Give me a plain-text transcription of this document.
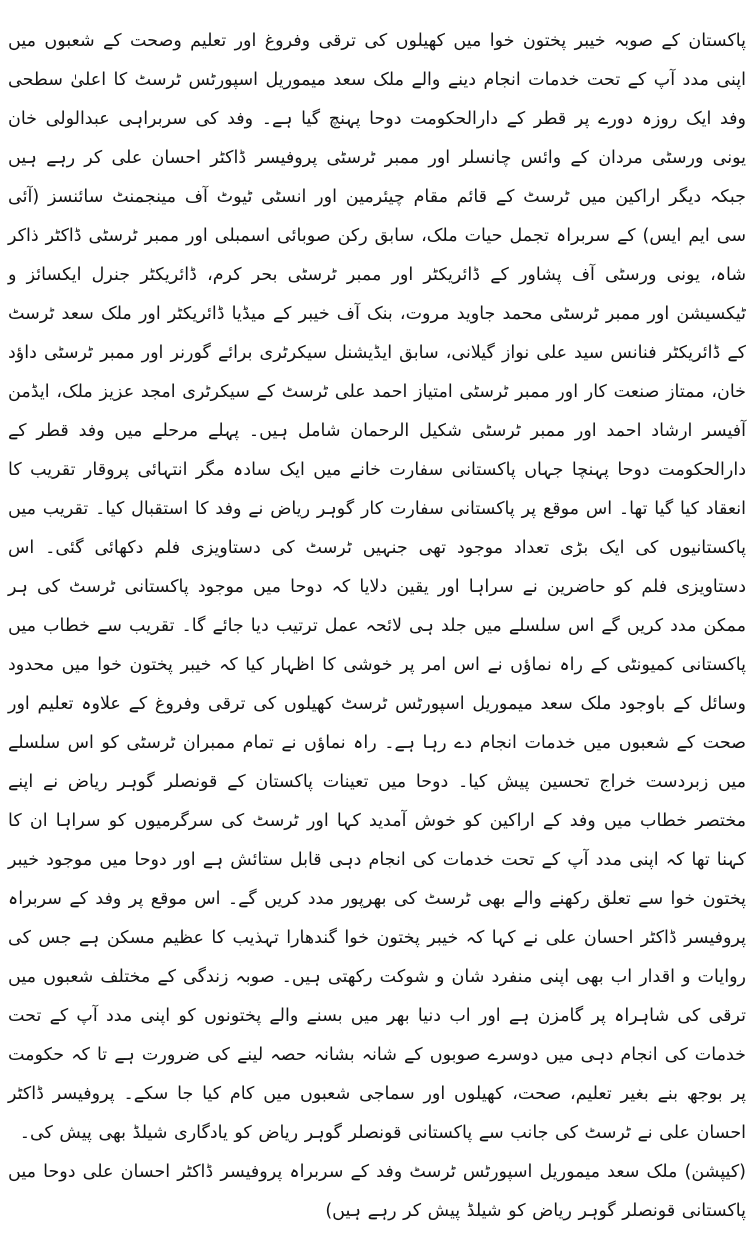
پاکستان کے صوبہ خیبر پختون خوا میں کھیلوں کی ترقی وفروغ اور تعلیم وصحت کے شعبوں میں اپنی مدد آپ کے تحت خدمات انجام دینے والے ملک سعد میموریل اسپورٹس ٹرسٹ کا اعلیٰ سطحی وفد ایک روزہ دورے پر قطر کے دارالحکومت دوحا پہنچ گیا ہے۔ وفد کی سربراہی عبدالولی خان یونی ورسٹی مردان کے وائس چانسلر اور ممبر ٹرسٹی پروفیسر ڈاکٹر احسان علی کر رہے ہیں جبکہ دیگر اراکین میں ٹرسٹ کے قائم مقام چیئرمین اور انسٹی ٹیوٹ آف مینجمنٹ سائنسز (آئی سی ایم ایس) کے سربراہ تجمل حیات ملک، سابق رکن صوبائی اسمبلی اور ممبر ٹرسٹی ڈاکٹر ذاکر شاہ، یونی ورسٹی آف پشاور کے ڈائریکٹر اور ممبر ٹرسٹی بحر کرم، ڈائریکٹر جنرل ایکسائز و ٹیکسیشن اور ممبر ٹرسٹی محمد جاوید مروت، بنک آف خیبر کے میڈیا ڈائریکٹر اور ملک سعد ٹرسٹ کے ڈائریکٹر فنانس سید علی نواز گیلانی، سابق ایڈیشنل سیکرٹری برائے گورنر اور ممبر ٹرسٹی داؤد خان، ممتاز صنعت کار اور ممبر ٹرسٹی امتیاز احمد علی ٹرسٹ کے سیکرٹری امجد عزیز ملک، ایڈمن آفیسر ارشاد احمد اور ممبر ٹرسٹی شکیل الرحمان شامل ہیں۔ پہلے مرحلے میں وفد قطر کے دارالحکومت دوحا پہنچا جہاں پاکستانی سفارت خانے میں ایک سادہ مگر انتہائی پروقار تقریب کا انعقاد کیا گیا تھا۔ اس موقع پر پاکستانی سفارت کار گوہر ریاض نے وفد کا استقبال کیا۔ تقریب میں پاکستانیوں کی ایک بڑی تعداد موجود تھی جنہیں ٹرسٹ کی دستاویزی فلم دکھائی گئی۔ اس دستاویزی فلم کو حاضرین نے سراہا اور یقین دلایا کہ دوحا میں موجود پاکستانی ٹرسٹ کی ہر ممکن مدد کریں گے اس سلسلے میں جلد ہی لائحہ عمل ترتیب دیا جائے گا۔ تقریب سے خطاب میں پاکستانی کمیونٹی کے راہ نماؤں نے اس امر پر خوشی کا اظہار کیا کہ خیبر پختون خوا میں محدود وسائل کے باوجود ملک سعد میموریل اسپورٹس ٹرسٹ کھیلوں کی ترقی وفروغ کے علاوہ تعلیم اور صحت کے شعبوں میں خدمات انجام دے رہا ہے۔ راہ نماؤں نے تمام ممبران ٹرسٹی کو اس سلسلے میں زبردست خراج تحسین پیش کیا۔ دوحا میں تعینات پاکستان کے قونصلر گوہر ریاض نے اپنے مختصر خطاب میں وفد کے اراکین کو خوش آمدید کہا اور ٹرسٹ کی سرگرمیوں کو سراہا ان کا کہنا تھا کہ اپنی مدد آپ کے تحت خدمات کی انجام دہی قابل ستائش ہے اور دوحا میں موجود خیبر پختون خوا سے تعلق رکھنے والے بھی ٹرسٹ کی بھرپور مدد کریں گے۔ اس موقع پر وفد کے سربراہ پروفیسر ڈاکٹر احسان علی نے کہا کہ خیبر پختون خوا گندھارا تہذیب کا عظیم مسکن ہے جس کی روایات و اقدار اب بھی اپنی منفرد شان و شوکت رکھتی ہیں۔ صوبہ زندگی کے مختلف شعبوں میں ترقی کی شاہراہ پر گامزن ہے اور اب دنیا بھر میں بسنے والے پختونوں کو اپنی مدد آپ کے تحت خدمات کی انجام دہی میں دوسرے صوبوں کے شانہ بشانہ حصہ لینے کی ضرورت ہے تا کہ حکومت پر بوجھ بنے بغیر تعلیم، صحت، کھیلوں اور سماجی شعبوں میں کام کیا جا سکے۔ پروفیسر ڈاکٹر احسان علی نے ٹرسٹ کی جانب سے پاکستانی قونصلر گوہر ریاض کو یادگاری شیلڈ بھی پیش کی۔

(کیپشن) ملک سعد میموریل اسپورٹس ٹرسٹ وفد کے سربراہ پروفیسر ڈاکٹر احسان علی دوحا میں پاکستانی قونصلر گوہر ریاض کو شیلڈ پیش کر رہے ہیں)
